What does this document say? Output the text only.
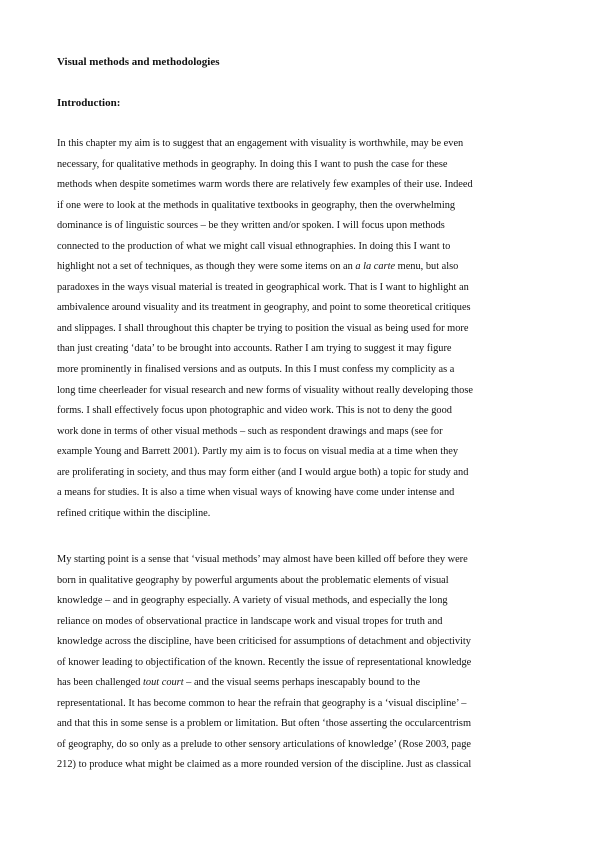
Visual methods and methodologies
Introduction:
In this chapter my aim is to suggest that an engagement with visuality is worthwhile, may be even
necessary, for qualitative methods in geography. In doing this I want to push the case for these
methods when despite sometimes warm words there are relatively few examples of their use. Indeed
if one were to look at the methods in qualitative textbooks in geography, then the overwhelming
dominance is of linguistic sources – be they written and/or spoken. I will focus upon methods
connected to the production of what we might call visual ethnographies. In doing this I want to
highlight not a set of techniques, as though they were some items on an a la carte menu, but also
paradoxes in the ways visual material is treated in geographical work. That is I want to highlight an
ambivalence around visuality and its treatment in geography, and point to some theoretical critiques
and slippages. I shall throughout this chapter be trying to position the visual as being used for more
than just creating ‘data’ to be brought into accounts. Rather I am trying to suggest it may figure
more prominently in finalised versions and as outputs. In this I must confess my complicity as a
long time cheerleader for visual research and new forms of visuality without really developing those
forms. I shall effectively focus upon photographic and video work. This is not to deny the good
work done in terms of other visual methods – such as respondent drawings and maps (see for
example Young and Barrett 2001). Partly my aim is to focus on visual media at a time when they
are proliferating in society, and thus may form either (and I would argue both) a topic for study and
a means for studies. It is also a time when visual ways of knowing have come under intense and
refined critique within the discipline.
My starting point is a sense that ‘visual methods’ may almost have been killed off before they were
born in qualitative geography by powerful arguments about the problematic elements of visual
knowledge – and in geography especially. A variety of visual methods, and especially the long
reliance on modes of observational practice in landscape work and visual tropes for truth and
knowledge across the discipline, have been criticised for assumptions of detachment and objectivity
of knower leading to objectification of the known. Recently the issue of representational knowledge
has been challenged tout court – and the visual seems perhaps inescapably bound to the
representational. It has become common to hear the refrain that geography is a ‘visual discipline’ –
and that this in some sense is a problem or limitation. But often ‘those asserting the occularcentrism
of geography, do so only as a prelude to other sensory articulations of knowledge’ (Rose 2003, page
212) to produce what might be claimed as a more rounded version of the discipline. Just as classical
